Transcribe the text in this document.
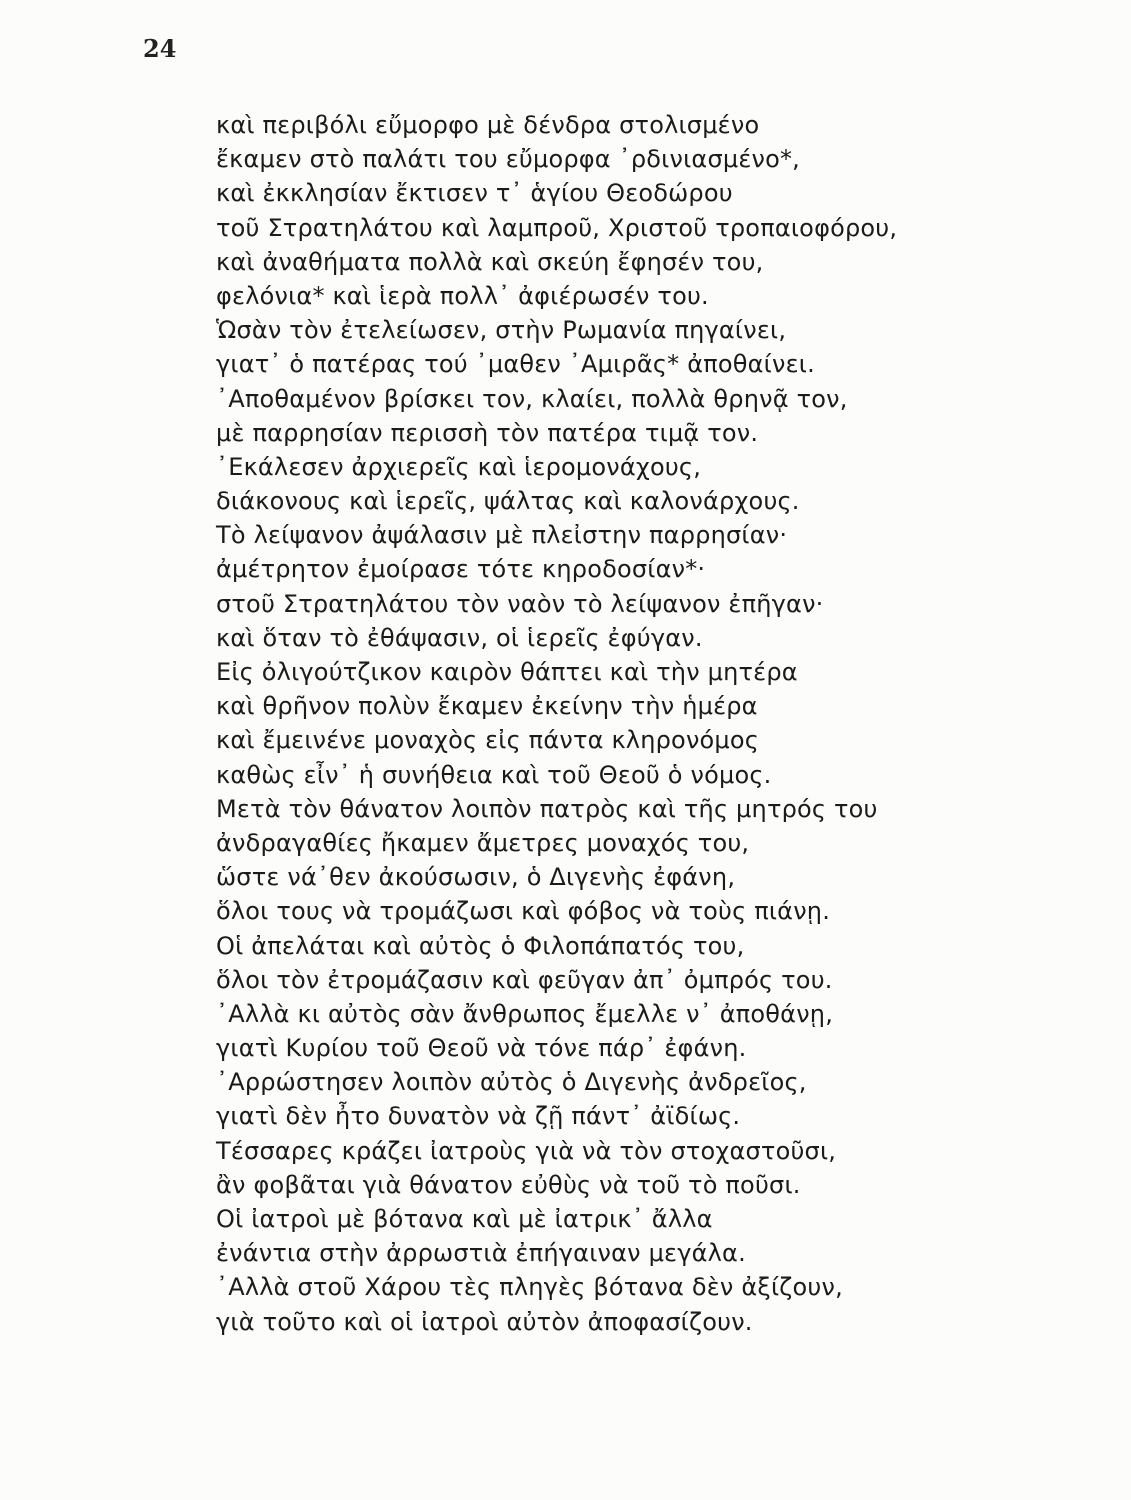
24
καὶ περιβόλι εὔμορφο μὲ δένδρα στολισμένο
ἔκαμεν στὸ παλάτι του εὔμορφα ᾽ρδινιασμένο*,
καὶ ἐκκλησίαν ἔκτισεν τ᾽ ἁγίου Θεοδώρου
τοῦ Στρατηλάτου καὶ λαμπροῦ, Χριστοῦ τροπαιοφόρου,
καὶ ἀναθήματα πολλὰ καὶ σκεύη ἔφησέν του,
φελόνια* καὶ ἱερὰ πολλ᾽ ἀφιέρωσέν του.
Ὡσὰν τὸν ἐτελείωσεν, στὴν Ρωμανία πηγαίνει,
γιατ᾽ ὁ πατέρας τού ᾽μαθεν ᾽Αμιρᾶς* ἀποθαίνει.
᾽Αποθαμένον βρίσκει τον, κλαίει, πολλὰ θρηνᾷ τον,
μὲ παρρησίαν περισσὴ τὸν πατέρα τιμᾷ τον.
᾽Εκάλεσεν ἀρχιερεῖς καὶ ἱερομονάχους,
διάκονους καὶ ἱερεῖς, ψάλτας καὶ καλονάρχους.
Τὸ λείψανον ἀψάλασιν μὲ πλεἰστην παρρησίαν·
ἀμέτρητον ἐμοίρασε τότε κηροδοσίαν*·
στοῦ Στρατηλάτου τὸν ναὸν τὸ λείψανον ἐπῆγαν·
καὶ ὅταν τὸ ἐθάψασιν, οἱ ἱερεῖς ἐφύγαν.
Εἰς ὀλιγούτζικον καιρὸν θάπτει καὶ τὴν μητέρα
καὶ θρῆνον πολὺν ἔκαμεν ἐκείνην τὴν ἡμέρα
καὶ ἔμεινένε μοναχὸς εἰς πάντα κληρονόμος
καθὼς εἶν᾽ ἡ συνήθεια καὶ τοῦ Θεοῦ ὁ νόμος.
Μετὰ τὸν θάνατον λοιπὸν πατρὸς καὶ τῆς μητρός του
ἀνδραγαθίες ἤκαμεν ἄμετρες μοναχός του,
ὥστε νά᾽θεν ἀκούσωσιν, ὁ Διγενὴς ἐφάνη,
ὅλοι τους νὰ τρομάζωσι καὶ φόβος νὰ τοὺς πιάνῃ.
Οἱ ἀπελάται καὶ αὐτὸς ὁ Φιλοπάπατός του,
ὅλοι τὸν ἐτρομάζασιν καὶ φεῦγαν ἀπ᾽ ὀμπρός του.
᾽Αλλὰ κι αὐτὸς σὰν ἄνθρωπος ἔμελλε ν᾽ ἀποθάνῃ,
γιατὶ Κυρίου τοῦ Θεοῦ νὰ τόνε πάρ᾽ ἐφάνη.
᾽Αρρώστησεν λοιπὸν αὐτὸς ὁ Διγενὴς ἀνδρεῖος,
γιατὶ δὲν ἦτο δυνατὸν νὰ ζῇ πάντ᾽ ἀϊδίως.
Τέσσαρες κράζει ἰατροὺς γιὰ νὰ τὸν στοχαστοῦσι,
ἂν φοβᾶται γιὰ θάνατον εὐθὺς νὰ τοῦ τὸ ποῦσι.
Οἱ ἰατροὶ μὲ βότανα καὶ μὲ ἰατρικ᾽ ἄλλα
ἐνάντια στὴν ἀρρωστιὰ ἐπήγαιναν μεγάλα.
᾽Αλλὰ στοῦ Χάρου τὲς πληγὲς βότανα δὲν ἀξίζουν,
γιὰ τοῦτο καὶ οἱ ἰατροὶ αὐτὸν ἀποφασίζουν.
